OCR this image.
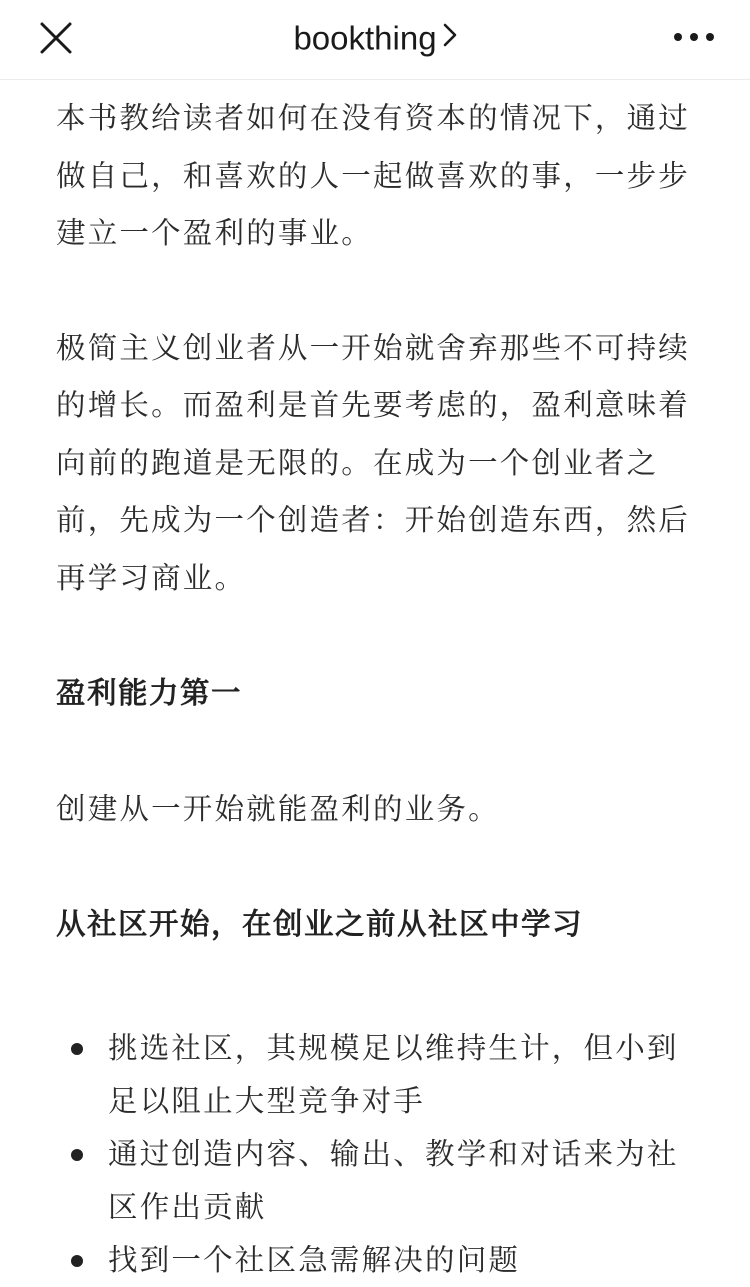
bookthing

本书教给读者如何在没有资本的情况下，通过做自己，和喜欢的人一起做喜欢的事，一步步建立一个盈利的事业。

极简主义创业者从一开始就舍弃那些不可持续的增长。而盈利是首先要考虑的，盈利意味着向前的跑道是无限的。在成为一个创业者之前，先成为一个创造者：开始创造东西，然后再学习商业。

盈利能力第一

创建从一开始就能盈利的业务。

从社区开始，在创业之前从社区中学习
挑选社区，其规模足以维持生计，但小到足以阻止大型竞争对手
通过创造内容、输出、教学和对话来为社区作出贡献
找到一个社区急需解决的问题
